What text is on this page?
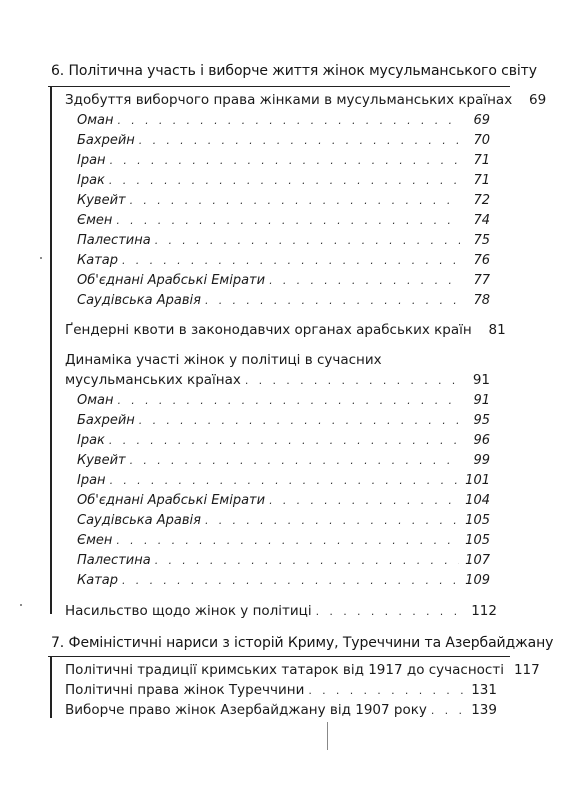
6. Політична участь і виборче життя жінок мусульманського світу
Здобуття виборчого права жінками в мусульманських країнах	69
Оман . . .	69
Бахрейн . . .	70
Іран . . .	71
Ірак . . .	71
Кувейт . . .	72
Ємен . . .	74
Палестина . . .	75
Катар . . .	76
Об'єднані Арабські Емірати . . .	77
Саудівська Аравія . . .	78
Ґендерні квоти в законодавчих органах арабських країн	81
Динаміка участі жінок у політиці в сучасних
мусульманських країнах . . .	91
Оман . . .	91
Бахрейн . . .	95
Ірак . . .	96
Кувейт . . .	99
Іран . . .	101
Об'єднані Арабські Емірати . . .	104
Саудівська Аравія . . .	105
Ємен . . .	105
Палестина . . .	107
Катар . . .	109
Насильство щодо жінок у політиці . . .	112
7. Феміністичні нариси з історій Криму, Туреччини та Азербайджану
Політичні традиції кримських татарок від 1917 до сучасності 117
Політичні права жінок Туреччини . . .	131
Виборче право жінок Азербайджану від 1907 року . . .	139
